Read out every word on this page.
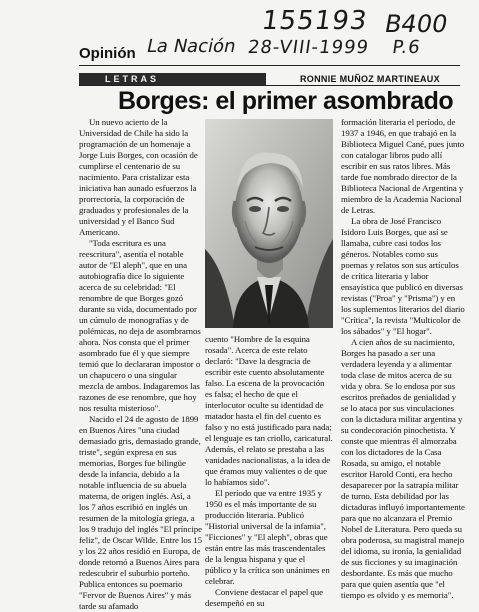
155193 B400
La Nación 28-VIII-1999 P.6
Opinión
LETRAS	RONNIE MUÑOZ MARTINEAUX
Borges: el primer asombrado

Un nuevo acierto de la Universidad de Chile ha sido la programación de un homenaje a Jorge Luis Borges, con ocasión de cumplirse el centenario de su nacimiento. Para cristalizar esta iniciativa han aunado esfuerzos la prorrectoría, la corporación de graduados y profesionales de la universidad y el Banco Sud Americano.

"Toda escritura es una reescritura", asentía el notable autor de "El aleph", que en una autobiografía dice lo siguiente acerca de su celebridad: "El renombre de que Borges gozó durante su vida, documentado por un cúmulo de monografías y de polémicas, no deja de asombrarnos ahora. Nos consta que el primer asombrado fue él y que siempre temió que lo declararan impostor o un chapucero o una singular mezcla de ambos. Indagaremos las razones de ese renombre, que hoy nos resulta misterioso".

Nacido el 24 de agosto de 1899 en Buenos Aires "una ciudad demasiado gris, demasiado grande, triste", según expresa en sus memorias, Borges fue bilingüe desde la infancia, debido a la notable influencia de su abuela materna, de origen inglés. Así, a los 7 años escribió en inglés un resumen de la mitología griega, a los 9 tradujo del inglés "El príncipe feliz", de Oscar Wilde. Entre los 15 y los 22 años residió en Europa, de donde retornó a Buenos Aires para redescubrir el suburbio porteño. Publica entonces su poemario "Fervor de Buenos Aires" y más tarde su afamado

cuento "Hombre de la esquina rosada". Acerca de este relato declaró: "Dave la desgracia de escribir este cuento absolutamente falso. La escena de la provocación es falsa; el hecho de que el interlocutor oculte su identidad de matador hasta el fin del cuento es falso y no está justificado para nada; el lenguaje es tan criollo, caricatural. Además, el relato se prestaba a las vanidades nacionalistas, a la idea de que éramos muy valientes o de que lo habíamos sido".

El período que va entre 1935 y 1950 es el más importante de su producción literaria. Publicó "Historial universal de la infamia", "Ficciones" y "El aleph", obras que están entre las más trascendentales de la lengua hispana y que el público y la crítica son unánimes en celebrar.

Conviene destacar el papel que desempeñó en su

formación literaria el período, de 1937 a 1946, en que trabajó en la Biblioteca Miguel Cané, pues junto con catalogar libros pudo allí escribir en sus ratos libres. Más tarde fue nombrado director de la Biblioteca Nacional de Argentina y miembro de la Academia Nacional de Letras.

La obra de José Francisco Isidoro Luis Borges, que así se llamaba, cubre casi todos los géneros. Notables como sus poemas y relatos son sus artículos de crítica literaria y labor ensayística que publicó en diversas revistas ("Proa" y "Prisma") y en los suplementos literarios del diario "Crítica", la revista "Multicolor de los sábados" y "El hogar".

A cien años de su nacimiento, Borges ha pasado a ser una verdadera leyenda y a alimentar toda clase de mitos acerca de su vida y obra. Se lo endosa por sus escritos preñados de genialidad y se lo ataca por sus vinculaciones con la dictadura militar argentina y su condecoración pinochetista. Y conste que mientras él almorzaba con los dictadores de la Casa Rosada, su amigo, el notable escritor Harold Conti, era hecho desaparecer por la satrapía militar de turno. Esta debilidad por las dictaduras influyó importantemente para que no alcanzara el Premio Nobel de Literatura. Pero queda su obra poderosa, su magistral manejo del idioma, su ironía, la genialidad de sus ficciones y su imaginación desbordante. Es más que mucho para que quien asentía que "el tiempo es olvido y es memoria".
